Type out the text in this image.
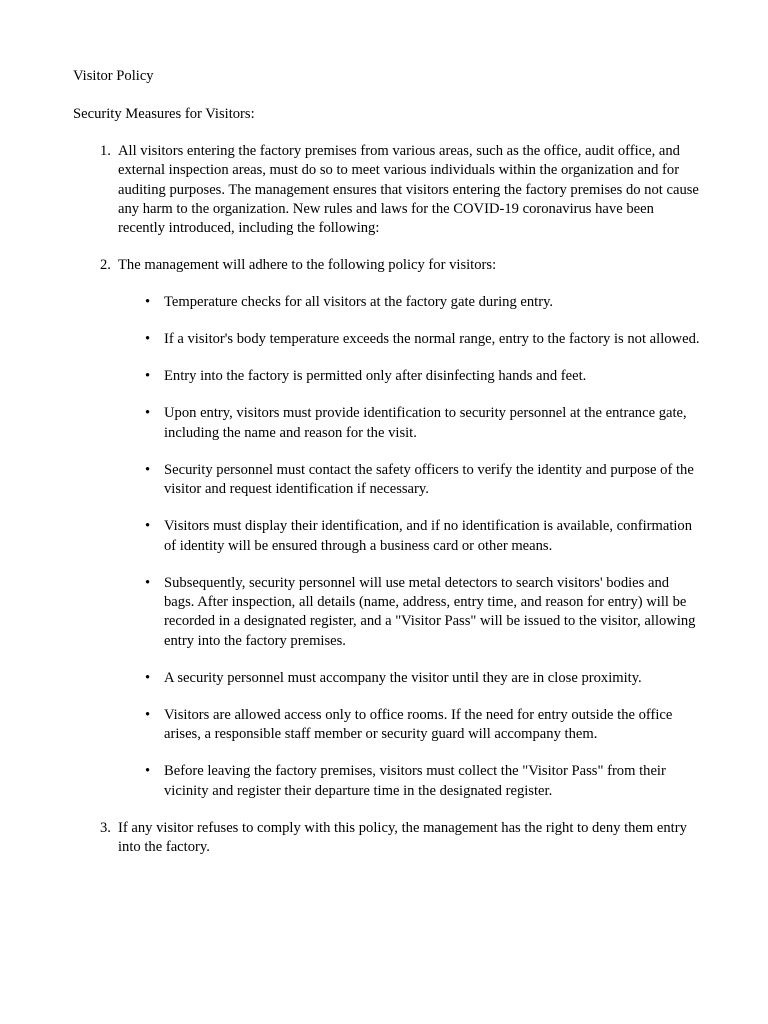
Visitor Policy

Security Measures for Visitors:

1. All visitors entering the factory premises from various areas, such as the office, audit office, and external inspection areas, must do so to meet various individuals within the organization and for auditing purposes. The management ensures that visitors entering the factory premises do not cause any harm to the organization. New rules and laws for the COVID-19 coronavirus have been recently introduced, including the following:
2. The management will adhere to the following policy for visitors:
• Temperature checks for all visitors at the factory gate during entry.
• If a visitor's body temperature exceeds the normal range, entry to the factory is not allowed.
• Entry into the factory is permitted only after disinfecting hands and feet.
• Upon entry, visitors must provide identification to security personnel at the entrance gate, including the name and reason for the visit.
• Security personnel must contact the safety officers to verify the identity and purpose of the visitor and request identification if necessary.
• Visitors must display their identification, and if no identification is available, confirmation of identity will be ensured through a business card or other means.
• Subsequently, security personnel will use metal detectors to search visitors' bodies and bags. After inspection, all details (name, address, entry time, and reason for entry) will be recorded in a designated register, and a "Visitor Pass" will be issued to the visitor, allowing entry into the factory premises.
• A security personnel must accompany the visitor until they are in close proximity.
• Visitors are allowed access only to office rooms. If the need for entry outside the office arises, a responsible staff member or security guard will accompany them.
• Before leaving the factory premises, visitors must collect the "Visitor Pass" from their vicinity and register their departure time in the designated register.
3. If any visitor refuses to comply with this policy, the management has the right to deny them entry into the factory.
